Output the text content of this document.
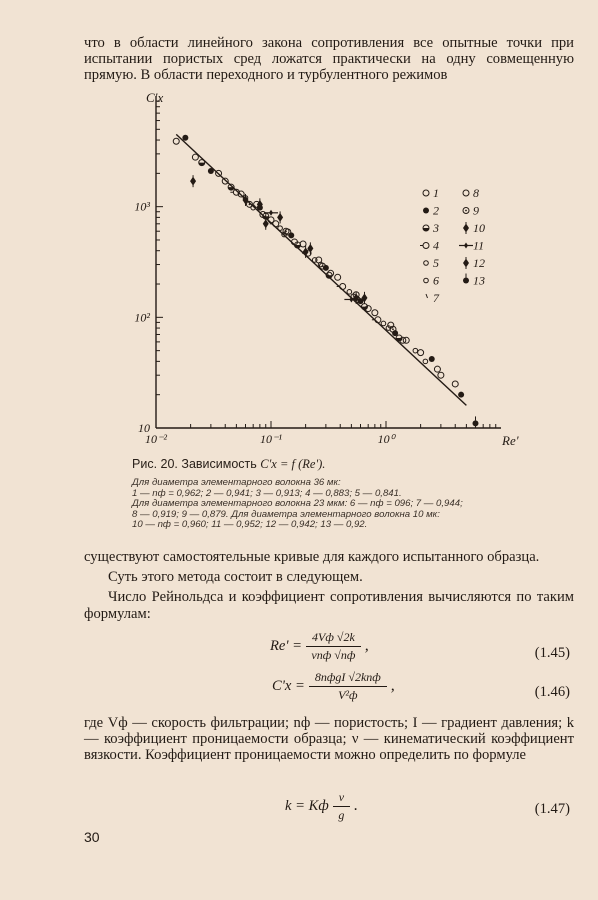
что в области линейного закона сопротивления все опытные точки при испытании пористых сред ложатся практически на одну совмещенную прямую. В области переходного и турбулентного режимов

10
10²
10³
10⁻²	10⁻¹	10⁰
1
2
3
4
5
6
7
8
9
10
11
12
13
C'x
Re'
Рис. 20. Зависимость C'x = f (Re').
Для диаметра элементарного волокна 36 мк:
1 — nф = 0,962; 2 — 0,941; 3 — 0,913; 4 — 0,883; 5 — 0,841.
Для диаметра элементарного волокна 23 мкм: 6 — nф = 096; 7 — 0,944;
8 — 0,919; 9 — 0,879. Для диаметра элементарного волокна 10 мк:
10 — nф = 0,960; 11 — 0,952; 12 — 0,942; 13 — 0,92.

существуют самостоятельные кривые для каждого испытанного образца.

Суть этого метода состоит в следующем.

Число Рейнольдса и коэффициент сопротивления вычисляются по таким формулам:

$Re' = \frac{4Vф √2k}{\text{νnф √nф}}$ ,	(1.45)
$C'x = \frac{\text{8nфgI √2knф}}{\text{V²ф}}$ ,	(1.46)

где Vф — скорость фильтрации; nф — пористость; I — градиент давления; k — коэффициент проницаемости образца; ν — кинематический коэффициент вязкости. Коэффициент проницаемости можно определить по формуле

k = Kф $\frac{\nu}{g}$ .	(1.47)
30
